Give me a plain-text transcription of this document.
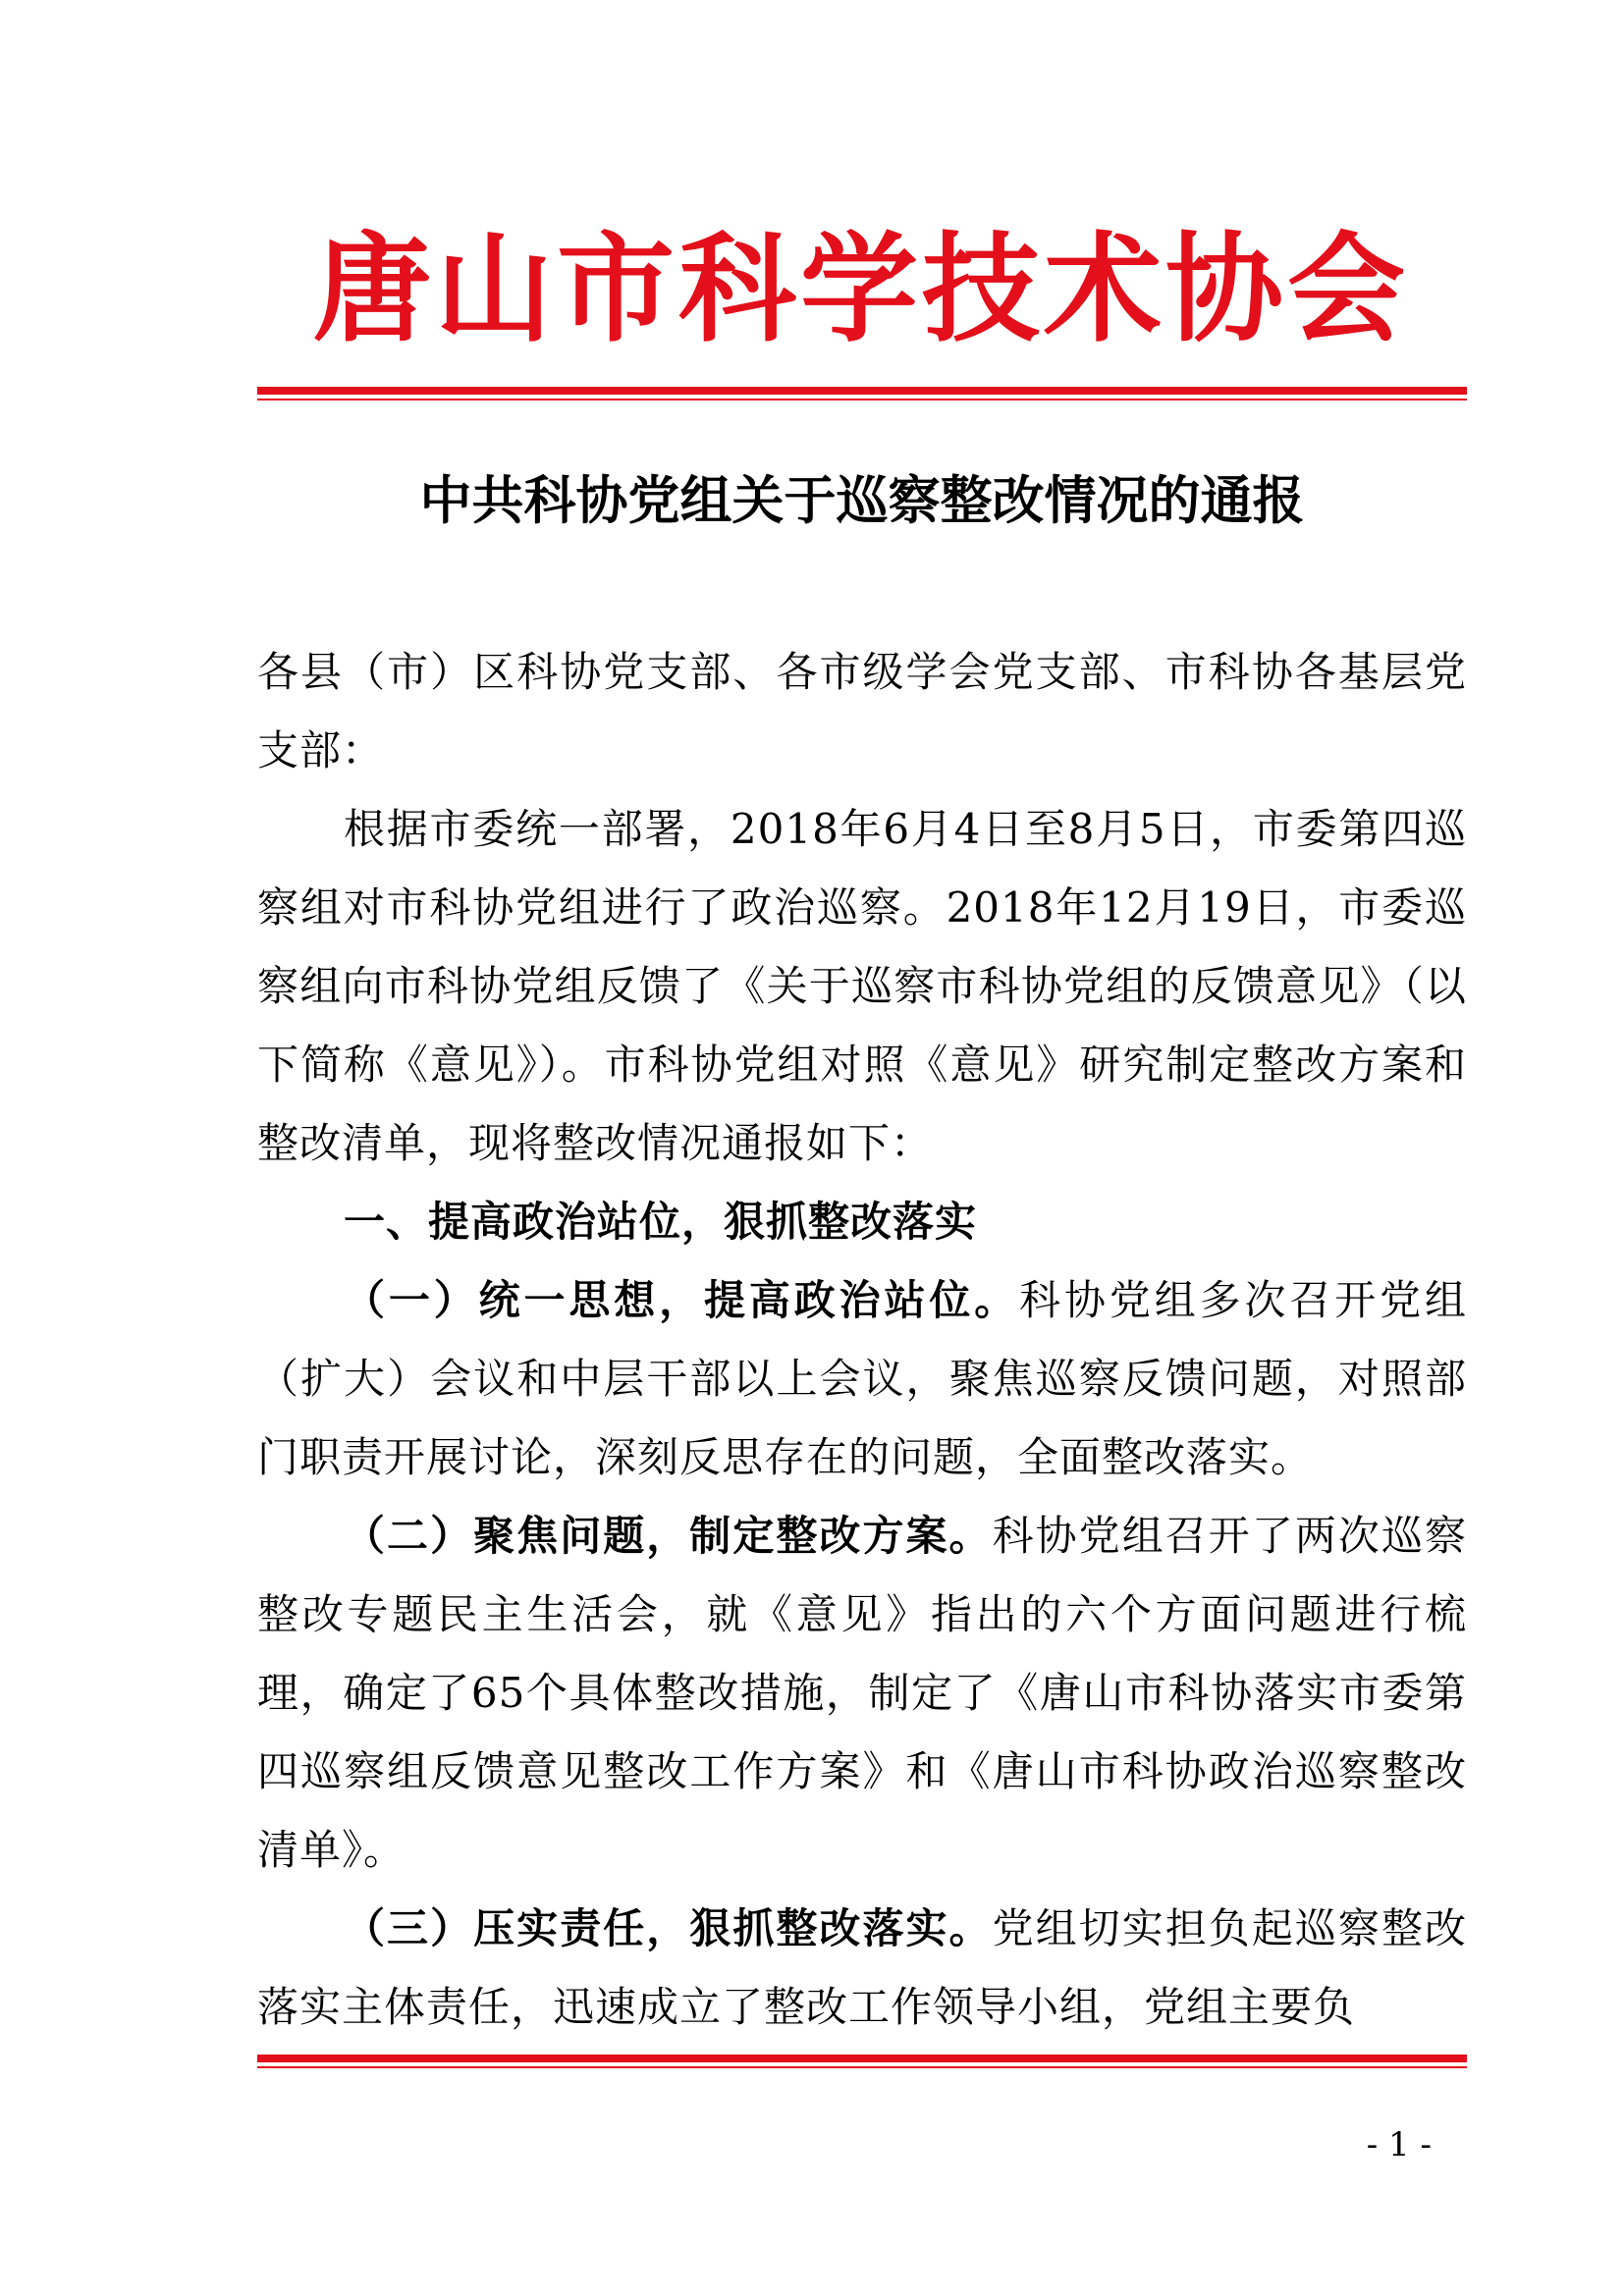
唐山市科学技术协会
中共科协党组关于巡察整改情况的通报

各县（市）区科协党支部、各市级学会党支部、市科协各基层党支部：

根据市委统一部署，2018年6月4日至8月5日，市委第四巡察组对市科协党组进行了政治巡察。2018年12月19日，市委巡察组向市科协党组反馈了《关于巡察市科协党组的反馈意见》（以下简称《意见》）。市科协党组对照《意见》研究制定整改方案和整改清单，现将整改情况通报如下：

一、提高政治站位，狠抓整改落实

（一）统一思想，提高政治站位。科协党组多次召开党组（扩大）会议和中层干部以上会议，聚焦巡察反馈问题，对照部门职责开展讨论，深刻反思存在的问题，全面整改落实。

（二）聚焦问题，制定整改方案。科协党组召开了两次巡察整改专题民主生活会，就《意见》指出的六个方面问题进行梳理，确定了65个具体整改措施，制定了《唐山市科协落实市委第四巡察组反馈意见整改工作方案》和《唐山市科协政治巡察整改清单》。

（三）压实责任，狠抓整改落实。党组切实担负起巡察整改落实主体责任，迅速成立了整改工作领导小组，党组主要负

- 1 -
